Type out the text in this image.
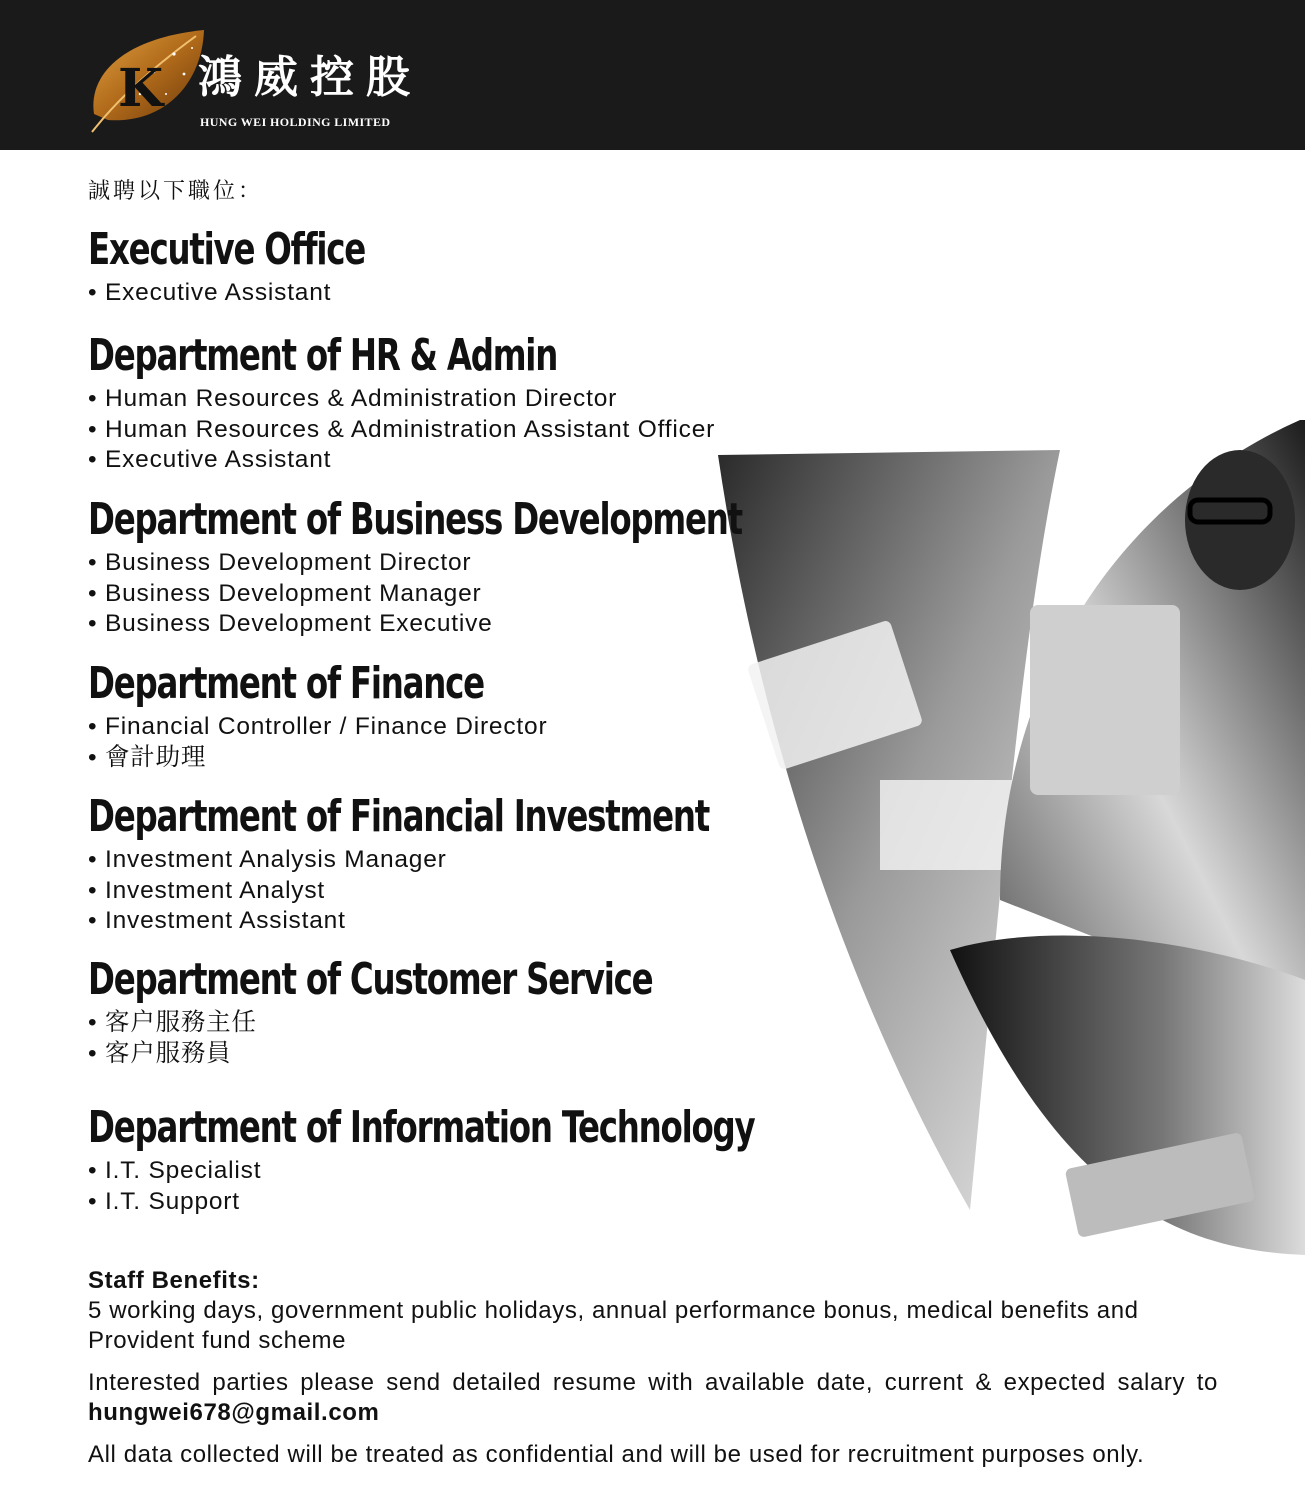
K 鴻威控股
HUNG WEI HOLDING LIMITED
誠聘以下職位：
Executive Office
• Executive Assistant
Department of HR & Admin
• Human Resources & Administration Director
• Human Resources & Administration Assistant Officer
• Executive Assistant
Department of Business Development
• Business Development Director
• Business Development Manager
• Business Development Executive
Department of Finance
• Financial Controller / Finance Director
• 會計助理
Department of Financial Investment
• Investment Analysis Manager
• Investment Analyst
• Investment Assistant
Department of Customer Service
• 客户服務主任
• 客户服務員
Department of Information Technology
• I.T. Specialist
• I.T. Support

Staff Benefits:

5 working days, government public holidays, annual performance bonus, medical benefits and Provident fund scheme

Interested parties please send detailed resume with available date, current & expected salary to hungwei678@gmail.com

All data collected will be treated as confidential and will be used for recruitment purposes only.
